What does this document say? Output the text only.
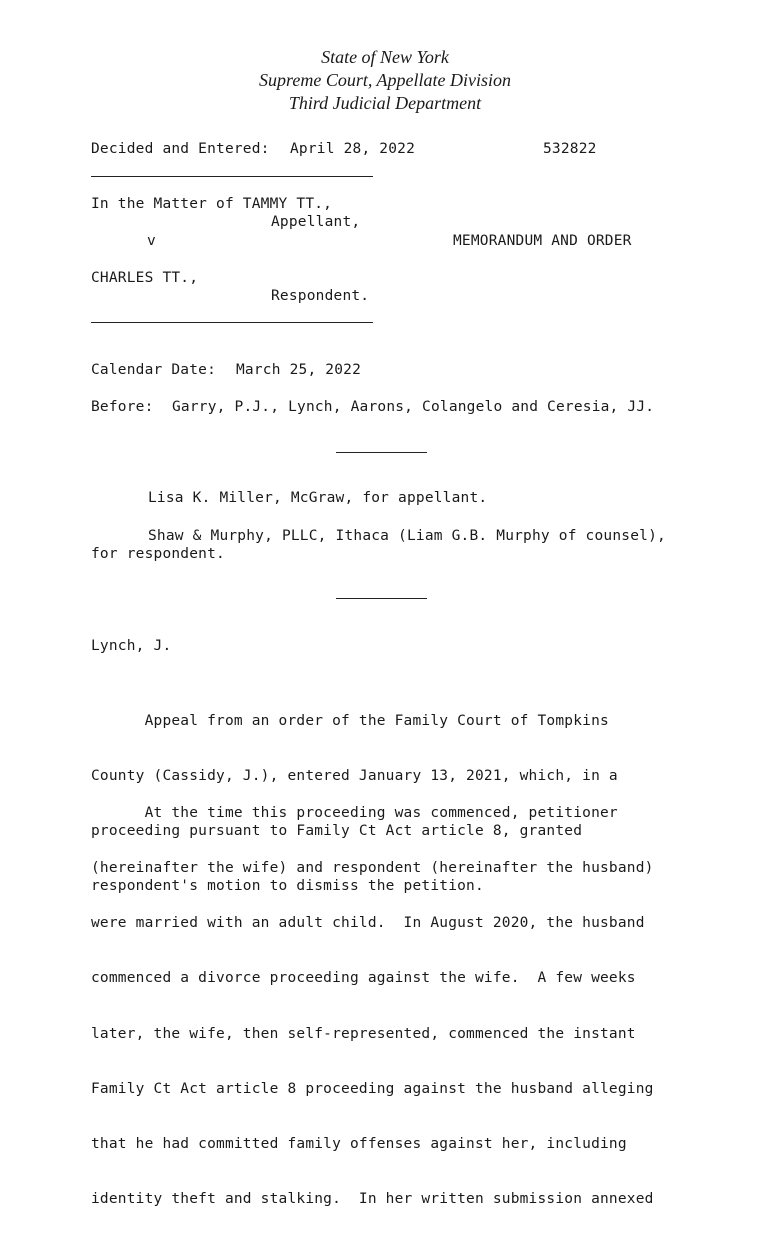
State of New York
Supreme Court, Appellate Division
Third Judicial Department
Decided and Entered: April 28, 2022	532822
In the Matter of TAMMY TT.,
Appellant,
v	MEMORANDUM AND ORDER
CHARLES TT.,
Respondent.
Calendar Date: March 25, 2022
Before: Garry, P.J., Lynch, Aarons, Colangelo and Ceresia, JJ.
Lisa K. Miller, McGraw, for appellant.
Shaw & Murphy, PLLC, Ithaca (Liam G.B. Murphy of counsel),
for respondent.
Lynch, J.

Appeal from an order of the Family Court of Tompkins

County (Cassidy, J.), entered January 13, 2021, which, in a

proceeding pursuant to Family Ct Act article 8, granted

respondent's motion to dismiss the petition.

At the time this proceeding was commenced, petitioner

(hereinafter the wife) and respondent (hereinafter the husband)

were married with an adult child.  In August 2020, the husband

commenced a divorce proceeding against the wife.  A few weeks

later, the wife, then self-represented, commenced the instant

Family Ct Act article 8 proceeding against the husband alleging

that he had committed family offenses against her, including

identity theft and stalking.  In her written submission annexed
